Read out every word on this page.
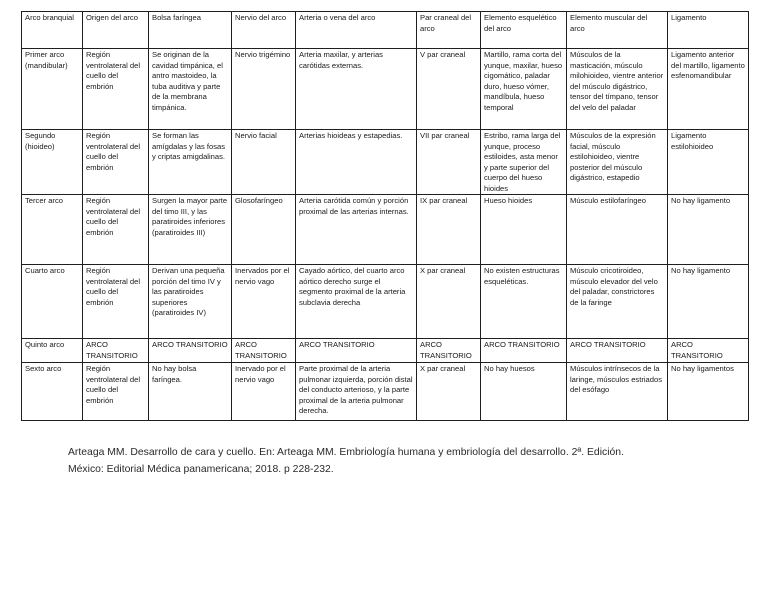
Arco branquial	Origen del arco	Bolsa faríngea	Nervio del arco	Arteria o vena del arco	Par craneal del arco	Elemento esquelético del arco	Elemento muscular del arco	Ligamento
Primer arco (mandibular)	Región ventrolateral del cuello del embrión	Se originan de la cavidad timpánica, el antro mastoideo, la tuba auditiva y parte de la membrana timpánica.	Nervio trigémino	Arteria maxilar, y arterias carótidas externas.	V par craneal	Martillo, rama corta del yunque, maxilar, hueso cigomático, paladar duro, hueso vómer, mandíbula, hueso temporal	Músculos de la masticación, músculo milohioideo, vientre anterior del músculo digástrico, tensor del tímpano, tensor del velo del paladar	Ligamento anterior del martillo, ligamento esfenomandibular
Segundo (hioideo)	Región ventrolateral del cuello del embrión	Se forman las amígdalas y las fosas y criptas amigdalinas.	Nervio facial	Arterias hioideas y estapedias.	VII par craneal	Estribo, rama larga del yunque, proceso estiloides, asta menor y parte superior del cuerpo del hueso hioides	Músculos de la expresión facial, músculo estilohioideo, vientre posterior del músculo digástrico, estapedio	Ligamento estilohioideo
Tercer arco	Región ventrolateral del cuello del embrión	Surgen la mayor parte del timo III, y las paratiroides inferiores (paratiroides III)	Glosofaríngeo	Arteria carótida común y porción proximal de las arterias internas.	IX par craneal	Hueso hioides	Músculo estilofaríngeo	No hay ligamento
Cuarto arco	Región ventrolateral del cuello del embrión	Derivan una pequeña porción del timo IV y las paratiroides superiores (paratiroides IV)	Inervados por el nervio vago	Cayado aórtico, del cuarto arco aórtico derecho surge el segmento proximal de la arteria subclavia derecha	X par craneal	No existen estructuras esqueléticas.	Músculo cricotiroideo, músculo elevador del velo del paladar, constrictores de la faringe	No hay ligamento
Quinto arco	ARCO TRANSITORIO	ARCO TRANSITORIO	ARCO TRANSITORIO	ARCO TRANSITORIO	ARCO TRANSITORIO	ARCO TRANSITORIO	ARCO TRANSITORIO	ARCO TRANSITORIO
Sexto arco	Región ventrolateral del cuello del embrión	No hay bolsa faríngea.	Inervado por el nervio vago	Parte proximal de la arteria pulmonar izquierda, porción distal del conducto arterioso, y la parte proximal de la arteria pulmonar derecha.	X par craneal	No hay huesos	Músculos intrínsecos de la laringe, músculos estriados del esófago	No hay ligamentos
Arteaga MM. Desarrollo de cara y cuello. En: Arteaga MM. Embriología humana y embriología del desarrollo. 2ª. Edición.
México: Editorial Médica panamericana; 2018. p 228-232.
